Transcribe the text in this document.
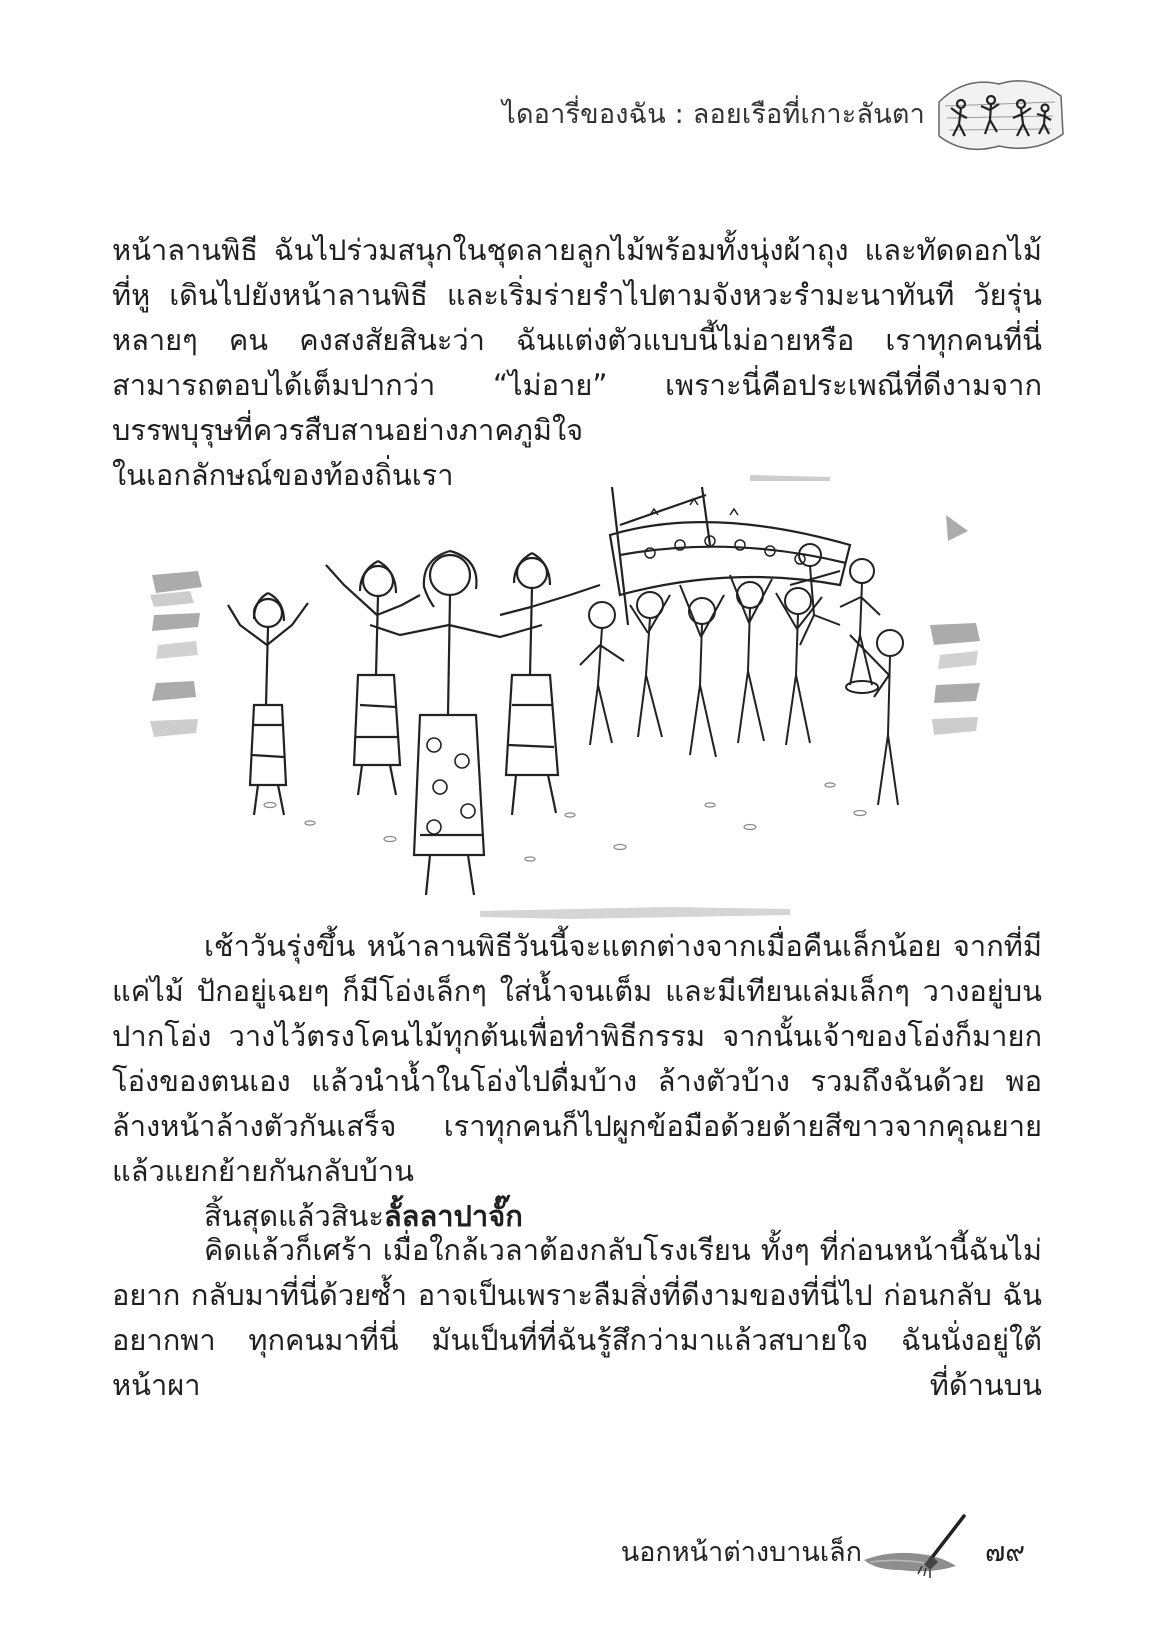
ไดอารี่ของฉัน : ลอยเรือที่เกาะลันตา
หน้าลานพิธี ฉันไปร่วมสนุกในชุดลายลูกไม้พร้อมทั้งนุ่งผ้าถุง และทัดดอกไม้ที่หู เดินไปยังหน้าลานพิธี และเริ่มร่ายรำไปตามจังหวะรำมะนาทันที วัยรุ่นหลายๆ คน คงสงสัยสินะว่า ฉันแต่งตัวแบบนี้ไม่อายหรือ เราทุกคนที่นี่สามารถตอบได้เต็มปากว่า “ไม่อาย” เพราะนี่คือประเพณีที่ดีงามจากบรรพบุรุษที่ควรสืบสานอย่างภาคภูมิใจ
ในเอกลักษณ์ของท้องถิ่นเรา
เช้าวันรุ่งขึ้น หน้าลานพิธีวันนี้จะแตกต่างจากเมื่อคืนเล็กน้อย จากที่มีแค่ไม้ ปักอยู่เฉยๆ ก็มีโอ่งเล็กๆ ใส่น้ำจนเต็ม และมีเทียนเล่มเล็กๆ วางอยู่บนปากโอ่ง วางไว้ตรงโคนไม้ทุกต้นเพื่อทำพิธีกรรม จากนั้นเจ้าของโอ่งก็มายกโอ่งของตนเอง แล้วนำน้ำในโอ่งไปดื่มบ้าง ล้างตัวบ้าง รวมถึงฉันด้วย พอล้างหน้าล้างตัวกันเสร็จ เราทุกคนก็ไปผูกข้อมือด้วยด้ายสีขาวจากคุณยาย แล้วแยกย้ายกันกลับบ้าน
สิ้นสุดแล้วสินะลั้ลลาปาจั๊ก
คิดแล้วก็เศร้า เมื่อใกล้เวลาต้องกลับโรงเรียน ทั้งๆ ที่ก่อนหน้านี้ฉันไม่อยาก กลับมาที่นี่ด้วยซ้ำ อาจเป็นเพราะลืมสิ่งที่ดีงามของที่นี่ไป ก่อนกลับ ฉันอยากพา ทุกคนมาที่นี่ มันเป็นที่ที่ฉันรู้สึกว่ามาแล้วสบายใจ ฉันนั่งอยู่ใต้หน้าผา ที่ด้านบน
นอกหน้าต่างบานเล็ก	๗๙
